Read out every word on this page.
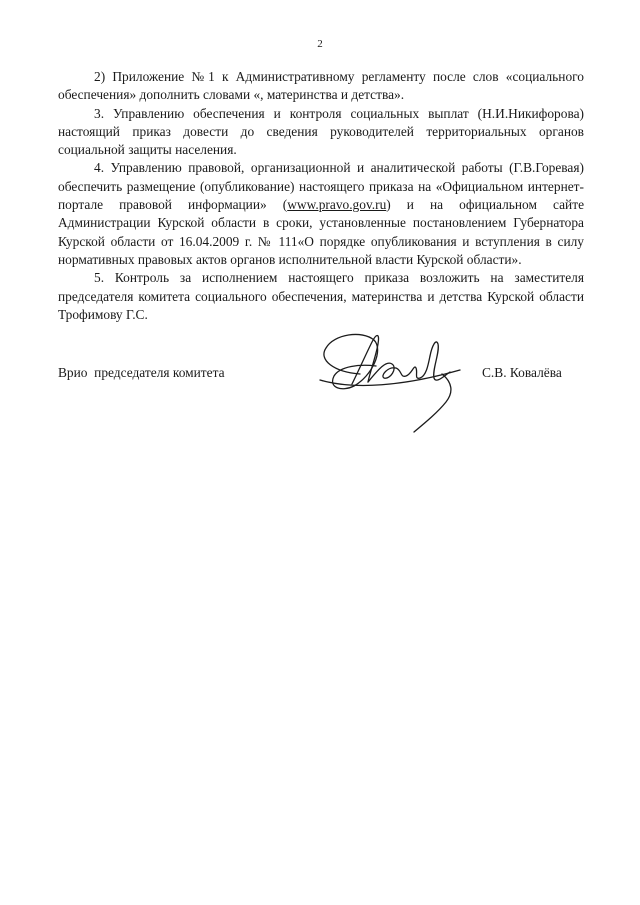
2

2) Приложение №1 к Административному регламенту после слов «социального обеспечения» дополнить словами «, материнства и детства».

3. Управлению обеспечения и контроля социальных выплат (Н.И.Никифорова) настоящий приказ довести до сведения руководителей территориальных органов социальной защиты населения.

4. Управлению правовой, организационной и аналитической работы (Г.В.Горевая) обеспечить размещение (опубликование) настоящего приказа на «Официальном интернет-портале правовой информации» (www.pravo.gov.ru) и на официальном сайте Администрации Курской области в сроки, установленные постановлением Губернатора Курской области от 16.04.2009 г. № 111«О порядке опубликования и вступления в силу нормативных правовых актов органов исполнительной власти Курской области».

5. Контроль за исполнением настоящего приказа возложить на заместителя председателя комитета социального обеспечения, материнства и детства Курской области Трофимову Г.С.

Врио  председателя комитета	С.В. Ковалёва
